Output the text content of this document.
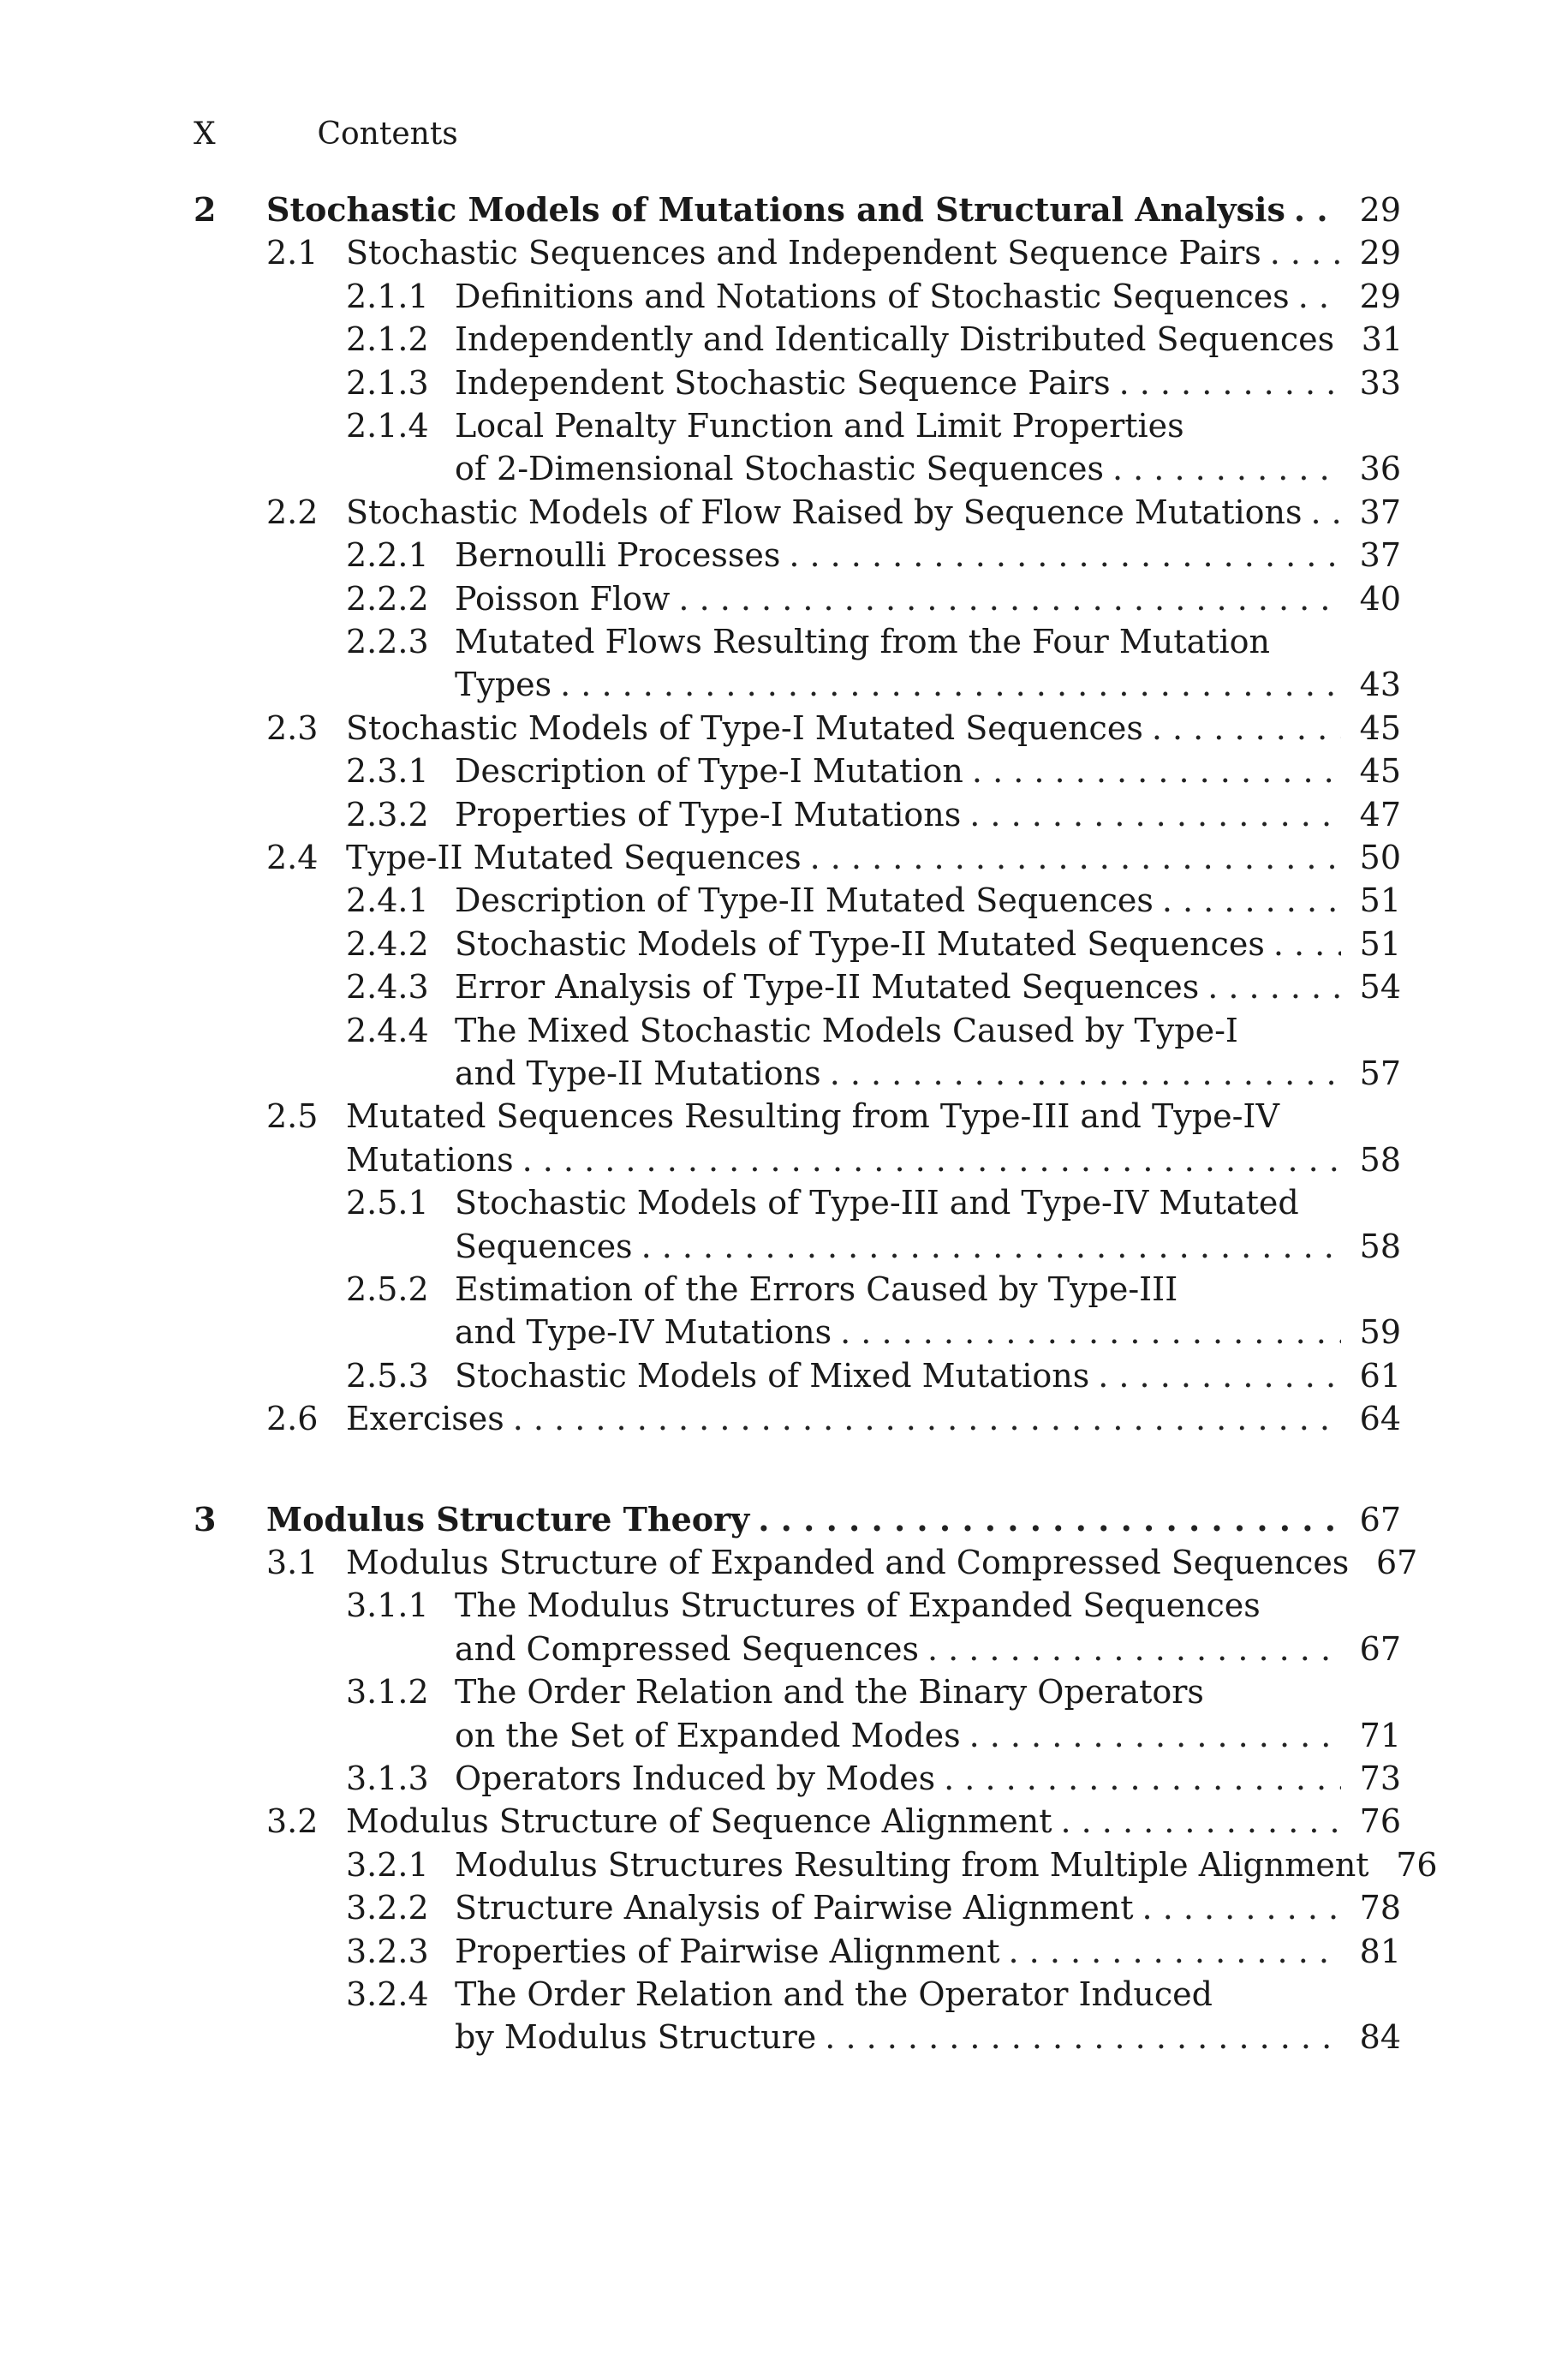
X	Contents
2 Stochastic Models of Mutations and Structural Analysis . . .	29
2.1 Stochastic Sequences and Independent Sequence Pairs . . .	29
2.1.1 Definitions and Notations of Stochastic Sequences . . .	29
2.1.2 Independently and Identically Distributed Sequences 31
2.1.3 Independent Stochastic Sequence Pairs . . .	33
2.1.4 Local Penalty Function and Limit Properties
of 2-Dimensional Stochastic Sequences . . .	36
2.2 Stochastic Models of Flow Raised by Sequence Mutations . . .	37
2.2.1 Bernoulli Processes . . .	37
2.2.2 Poisson Flow . . .	40
2.2.3 Mutated Flows Resulting from the Four Mutation
Types . . .	43
2.3 Stochastic Models of Type-I Mutated Sequences . . .	45
2.3.1 Description of Type-I Mutation . . .	45
2.3.2 Properties of Type-I Mutations . . .	47
2.4 Type-II Mutated Sequences . . .	50
2.4.1 Description of Type-II Mutated Sequences . . .	51
2.4.2 Stochastic Models of Type-II Mutated Sequences . . .	51
2.4.3 Error Analysis of Type-II Mutated Sequences . . .	54
2.4.4 The Mixed Stochastic Models Caused by Type-I
and Type-II Mutations . . .	57
2.5 Mutated Sequences Resulting from Type-III and Type-IV
Mutations . . .	58
2.5.1 Stochastic Models of Type-III and Type-IV Mutated
Sequences . . .	58
2.5.2 Estimation of the Errors Caused by Type-III
and Type-IV Mutations . . .	59
2.5.3 Stochastic Models of Mixed Mutations . . .	61
2.6 Exercises . . .	64
3 Modulus Structure Theory . . .	67
3.1 Modulus Structure of Expanded and Compressed Sequences 67
3.1.1 The Modulus Structures of Expanded Sequences
and Compressed Sequences . . .	67
3.1.2 The Order Relation and the Binary Operators
on the Set of Expanded Modes . . .	71
3.1.3 Operators Induced by Modes . . .	73
3.2 Modulus Structure of Sequence Alignment . . .	76
3.2.1 Modulus Structures Resulting from Multiple Alignment 76
3.2.2 Structure Analysis of Pairwise Alignment . . .	78
3.2.3 Properties of Pairwise Alignment . . .	81
3.2.4 The Order Relation and the Operator Induced
by Modulus Structure . . .	84
